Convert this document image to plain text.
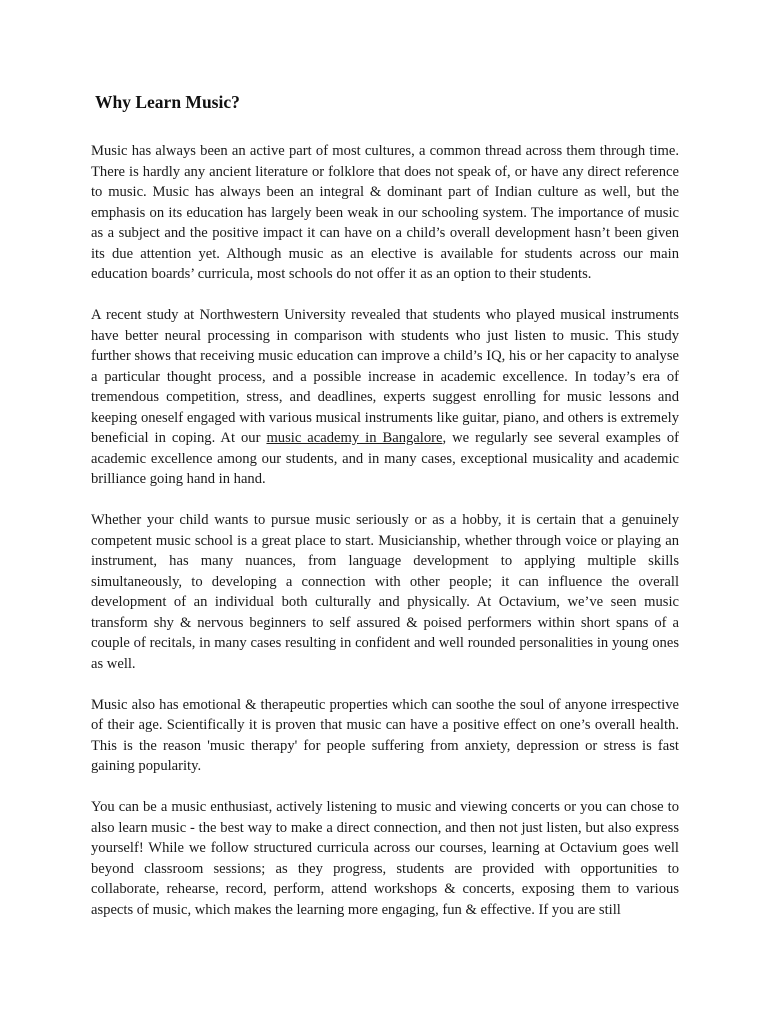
Why Learn Music?

Music has always been an active part of most cultures, a common thread across them through time. There is hardly any ancient literature or folklore that does not speak of, or have any direct reference to music. Music has always been an integral & dominant part of Indian culture as well, but the emphasis on its education has largely been weak in our schooling system. The importance of music as a subject and the positive impact it can have on a child’s overall development hasn’t been given its due attention yet. Although music as an elective is available for students across our main education boards’ curricula, most schools do not offer it as an option to their students.

A recent study at Northwestern University revealed that students who played musical instruments have better neural processing in comparison with students who just listen to music. This study further shows that receiving music education can improve a child’s IQ, his or her capacity to analyse a particular thought process, and a possible increase in academic excellence. In today’s era of tremendous competition, stress, and deadlines, experts suggest enrolling for music lessons and keeping oneself engaged with various musical instruments like guitar, piano, and others is extremely beneficial in coping. At our music academy in Bangalore, we regularly see several examples of academic excellence among our students, and in many cases, exceptional musicality and academic brilliance going hand in hand.

Whether your child wants to pursue music seriously or as a hobby, it is certain that a genuinely competent music school is a great place to start. Musicianship, whether through voice or playing an instrument, has many nuances, from language development to applying multiple skills simultaneously, to developing a connection with other people; it can influence the overall development of an individual both culturally and physically. At Octavium, we’ve seen music transform shy & nervous beginners to self assured & poised performers within short spans of a couple of recitals, in many cases resulting in confident and well rounded personalities in young ones as well.

Music also has emotional & therapeutic properties which can soothe the soul of anyone irrespective of their age. Scientifically it is proven that music can have a positive effect on one’s overall health. This is the reason 'music therapy' for people suffering from anxiety, depression or stress is fast gaining popularity.

You can be a music enthusiast, actively listening to music and viewing concerts or you can chose to also learn music - the best way to make a direct connection, and then not just listen, but also express yourself! While we follow structured curricula across our courses, learning at Octavium goes well beyond classroom sessions; as they progress, students are provided with opportunities to collaborate, rehearse, record, perform, attend workshops & concerts, exposing them to various aspects of music, which makes the learning more engaging, fun & effective. If you are still
